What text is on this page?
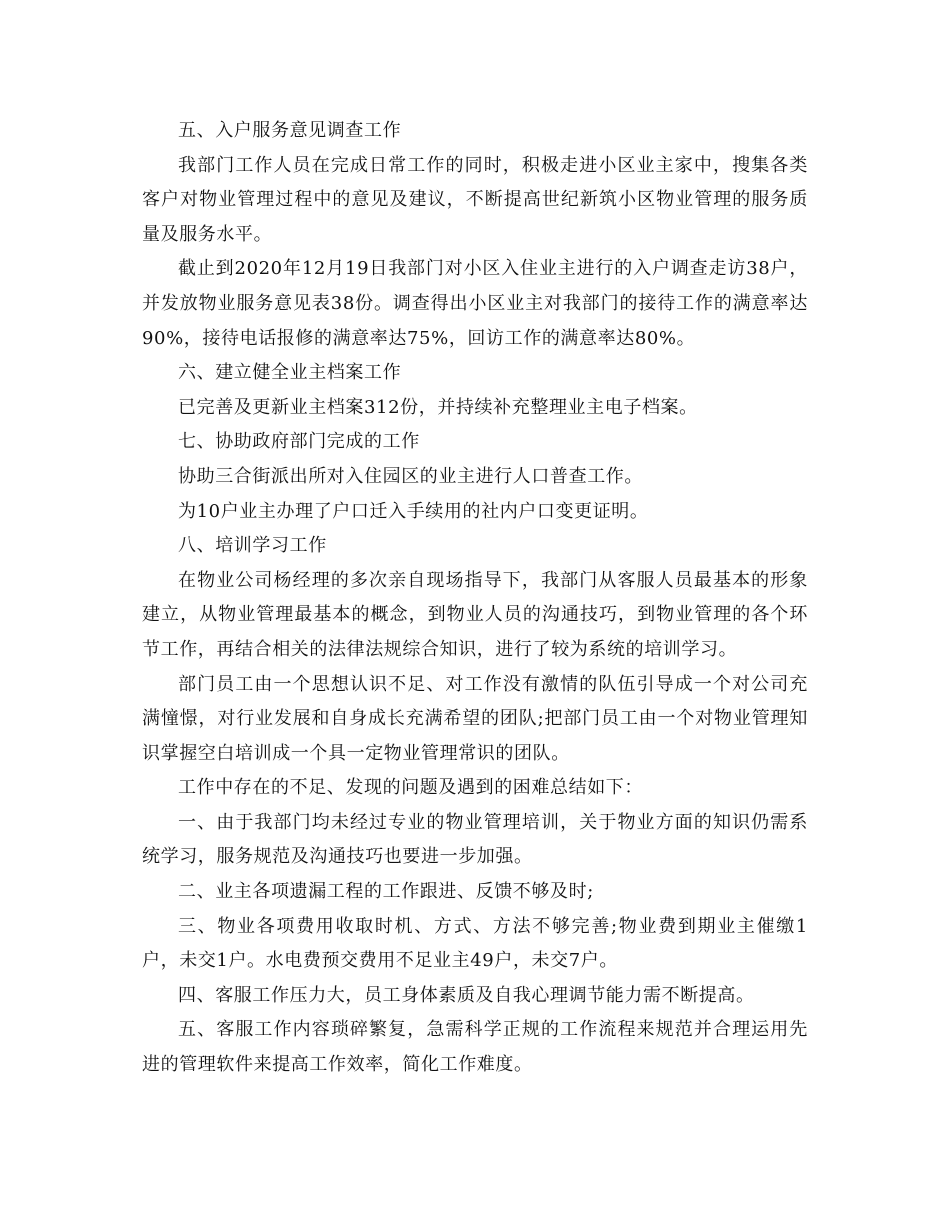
五、入户服务意见调查工作

我部门工作人员在完成日常工作的同时，积极走进小区业主家中，搜集各类客户对物业管理过程中的意见及建议，不断提高世纪新筑小区物业管理的服务质量及服务水平。

截止到2020年12月19日我部门对小区入住业主进行的入户调查走访38户，并发放物业服务意见表38份。调查得出小区业主对我部门的接待工作的满意率达90%，接待电话报修的满意率达75%，回访工作的满意率达80%。

六、建立健全业主档案工作

已完善及更新业主档案312份，并持续补充整理业主电子档案。

七、协助政府部门完成的工作

协助三合街派出所对入住园区的业主进行人口普查工作。

为10户业主办理了户口迁入手续用的社内户口变更证明。

八、培训学习工作

在物业公司杨经理的多次亲自现场指导下，我部门从客服人员最基本的形象建立，从物业管理最基本的概念，到物业人员的沟通技巧，到物业管理的各个环节工作，再结合相关的法律法规综合知识，进行了较为系统的培训学习。

部门员工由一个思想认识不足、对工作没有激情的队伍引导成一个对公司充满憧憬，对行业发展和自身成长充满希望的团队;把部门员工由一个对物业管理知识掌握空白培训成一个具一定物业管理常识的团队。

工作中存在的不足、发现的问题及遇到的困难总结如下：

一、由于我部门均未经过专业的物业管理培训，关于物业方面的知识仍需系统学习，服务规范及沟通技巧也要进一步加强。

二、业主各项遗漏工程的工作跟进、反馈不够及时;

三、物业各项费用收取时机、方式、方法不够完善;物业费到期业主催缴1户，未交1户。水电费预交费用不足业主49户，未交7户。

四、客服工作压力大，员工身体素质及自我心理调节能力需不断提高。

五、客服工作内容琐碎繁复，急需科学正规的工作流程来规范并合理运用先进的管理软件来提高工作效率，简化工作难度。
